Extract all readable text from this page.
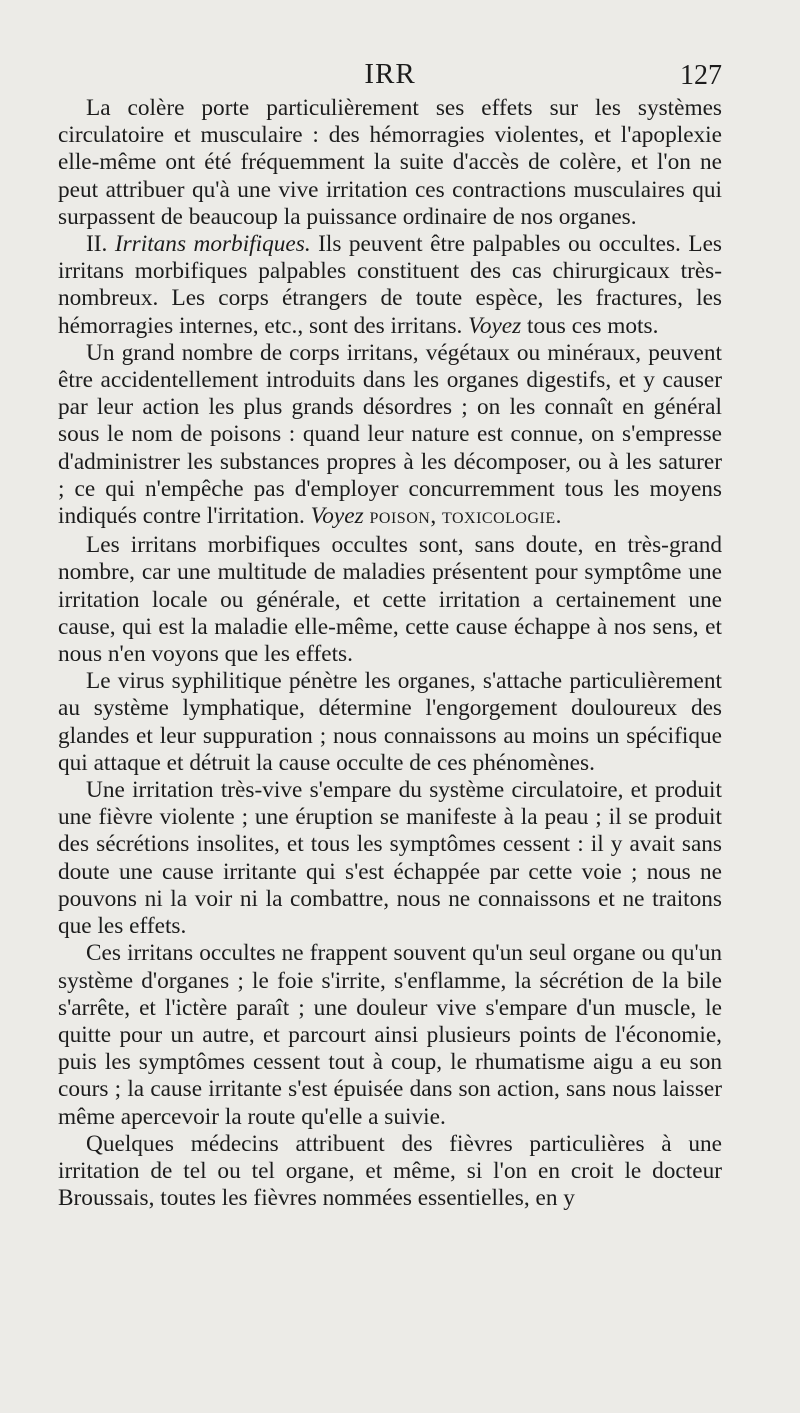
IRR	127

La colère porte particulièrement ses effets sur les systèmes circulatoire et musculaire : des hémorragies violentes, et l'apoplexie elle-même ont été fréquemment la suite d'accès de colère, et l'on ne peut attribuer qu'à une vive irritation ces contractions musculaires qui surpassent de beaucoup la puissance ordinaire de nos organes.

II. Irritans morbifiques. Ils peuvent être palpables ou occultes. Les irritans morbifiques palpables constituent des cas chirurgicaux très-nombreux. Les corps étrangers de toute espèce, les fractures, les hémorragies internes, etc., sont des irritans. Voyez tous ces mots.

Un grand nombre de corps irritans, végétaux ou minéraux, peuvent être accidentellement introduits dans les organes digestifs, et y causer par leur action les plus grands désordres ; on les connaît en général sous le nom de poisons : quand leur nature est connue, on s'empresse d'administrer les substances propres à les décomposer, ou à les saturer ; ce qui n'empêche pas d'employer concurremment tous les moyens indiqués contre l'irritation. Voyez POISON, TOXICOLOGIE.

Les irritans morbifiques occultes sont, sans doute, en très-grand nombre, car une multitude de maladies présentent pour symptôme une irritation locale ou générale, et cette irritation a certainement une cause, qui est la maladie elle-même, cette cause échappe à nos sens, et nous n'en voyons que les effets.

Le virus syphilitique pénètre les organes, s'attache particulièrement au système lymphatique, détermine l'engorgement douloureux des glandes et leur suppuration ; nous connaissons au moins un spécifique qui attaque et détruit la cause occulte de ces phénomènes.

Une irritation très-vive s'empare du système circulatoire, et produit une fièvre violente ; une éruption se manifeste à la peau ; il se produit des sécrétions insolites, et tous les symptômes cessent : il y avait sans doute une cause irritante qui s'est échappée par cette voie ; nous ne pouvons ni la voir ni la combattre, nous ne connaissons et ne traitons que les effets.

Ces irritans occultes ne frappent souvent qu'un seul organe ou qu'un système d'organes ; le foie s'irrite, s'enflamme, la sécrétion de la bile s'arrête, et l'ictère paraît ; une douleur vive s'empare d'un muscle, le quitte pour un autre, et parcourt ainsi plusieurs points de l'économie, puis les symptômes cessent tout à coup, le rhumatisme aigu a eu son cours ; la cause irritante s'est épuisée dans son action, sans nous laisser même apercevoir la route qu'elle a suivie.

Quelques médecins attribuent des fièvres particulières à une irritation de tel ou tel organe, et même, si l'on en croit le docteur Broussais, toutes les fièvres nommées essentielles, en y
